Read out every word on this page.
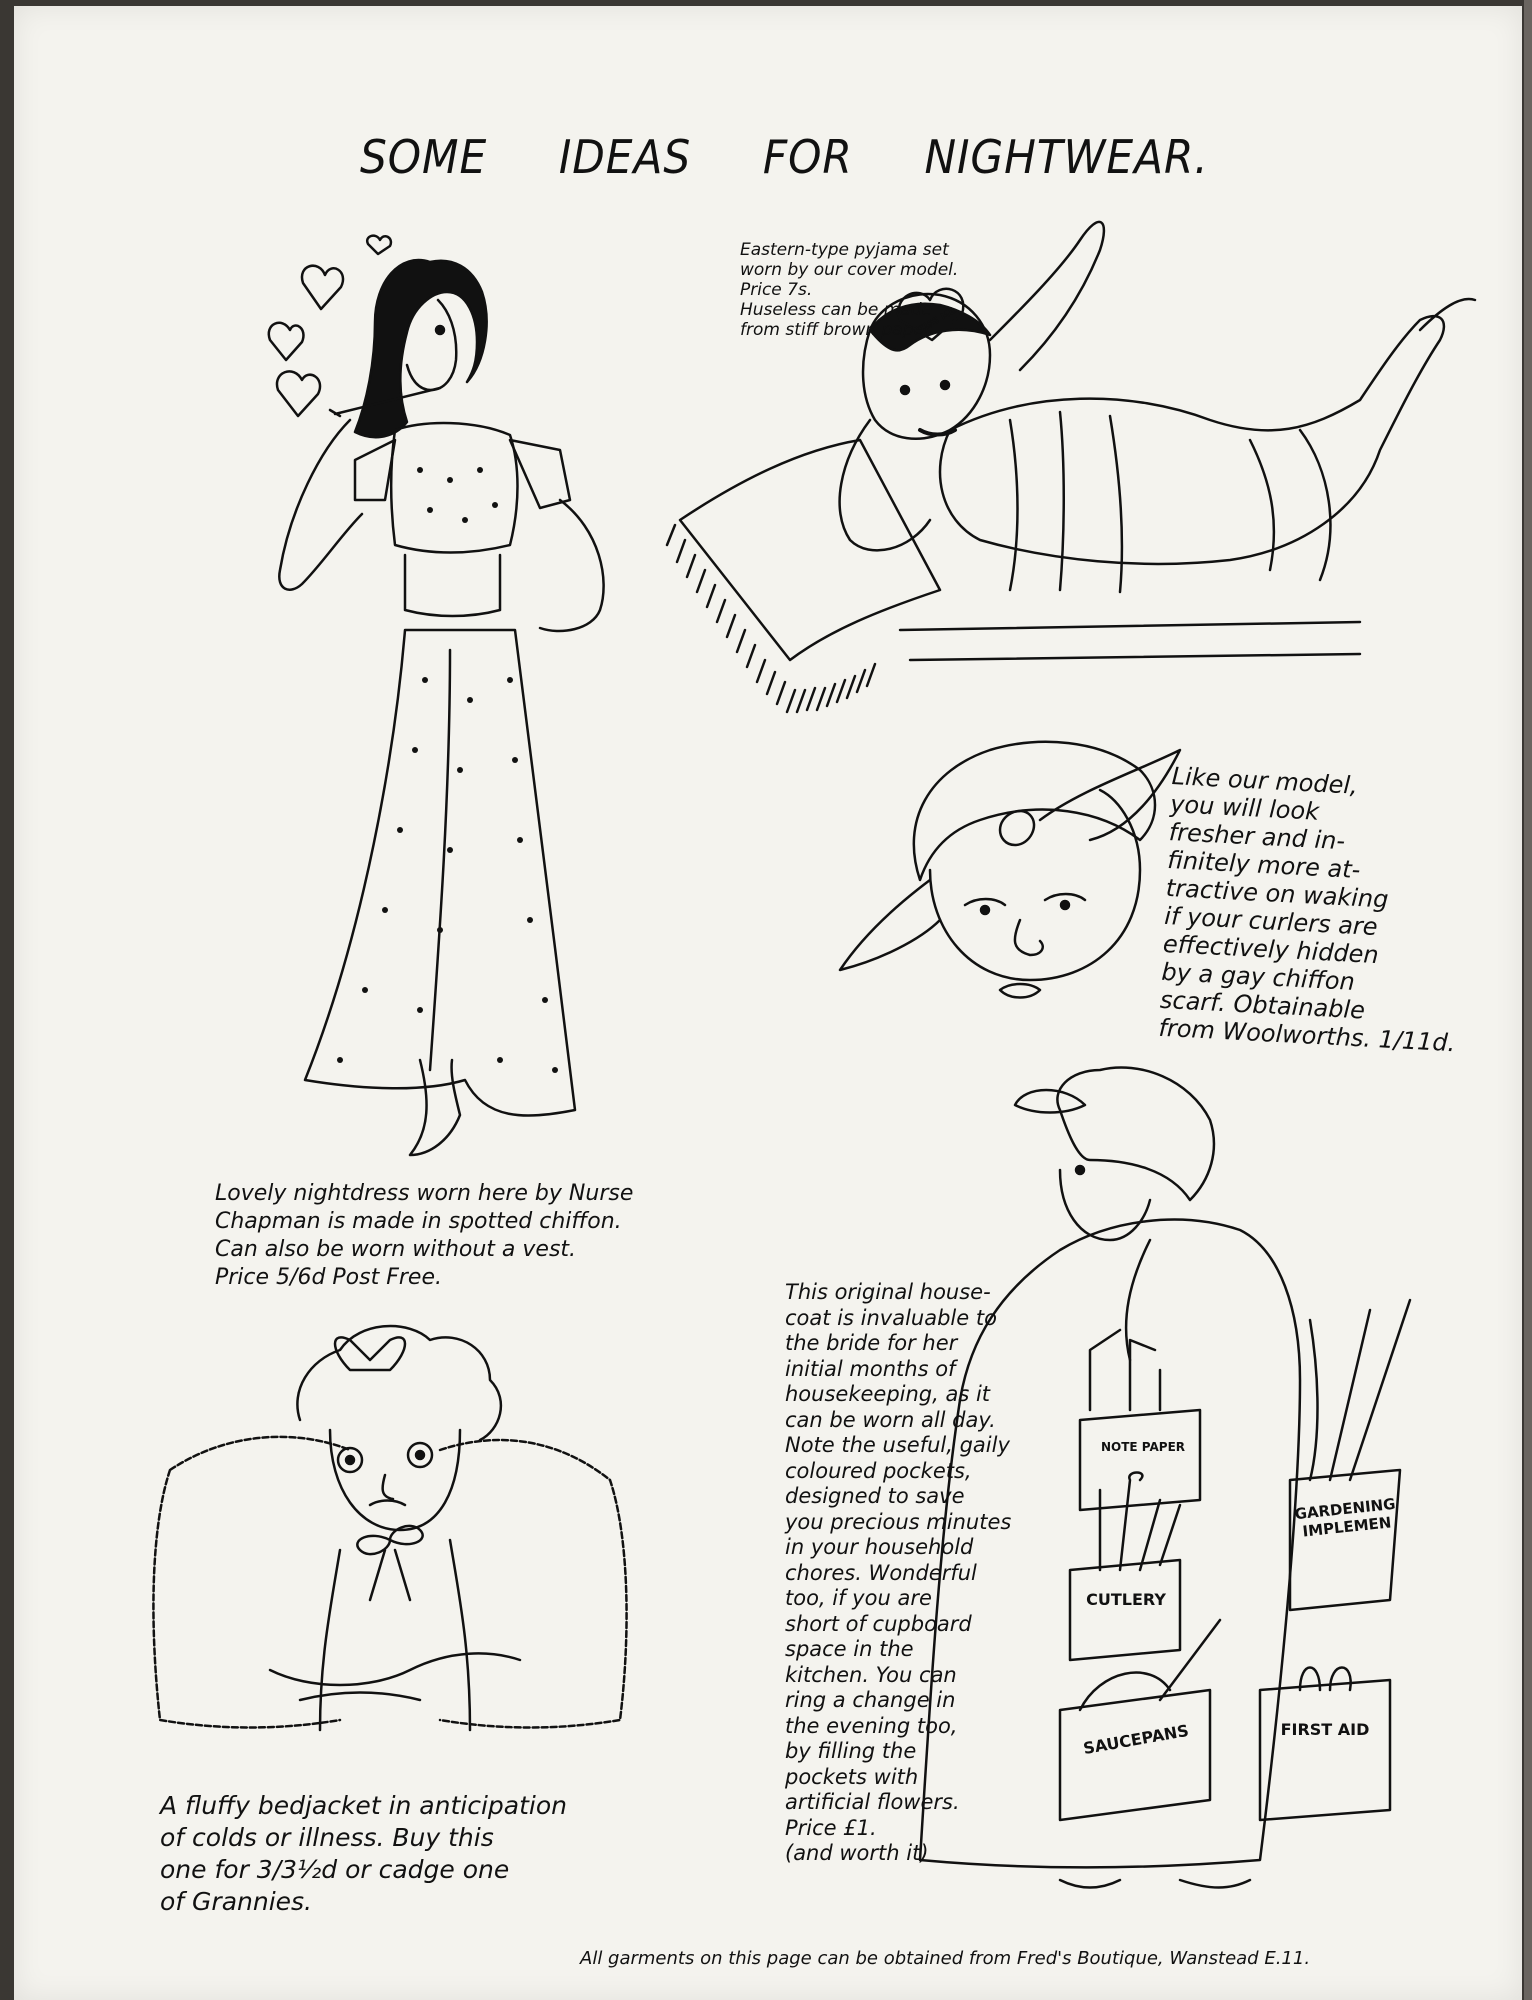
SOME IDEAS FOR NIGHTWEAR.
KISS ME
NOTE PAPER
CUTLERY
GARDENING IMPLEMEN
SAUCEPANS	FIRST AID
Eastern-type pyjama set worn by our cover model.
Price 7s.
Huseless can be made from stiff brown paper.
Like our model,
you will look
fresher and in-
finitely more at-
tractive on waking
if your curlers are
effectively hidden
by a gay chiffon
scarf. Obtainable
from Woolworths. 1/11d.
Lovely nightdress worn here by Nurse
Chapman is made in spotted chiffon.
Can also be worn without a vest.
Price 5/6d Post Free.
This original house-
coat is invaluable to
the bride for her
initial months of
housekeeping, as it
can be worn all day.
Note the useful, gaily
coloured pockets,
designed to save
you precious minutes
in your household
chores. Wonderful
too, if you are
short of cupboard
space in the
kitchen. You can
ring a change in
the evening too,
by filling the
pockets with
artificial flowers.
Price £1.
(and worth it)
A fluffy bedjacket in anticipation
of colds or illness. Buy this
one for 3/3½d or cadge one
of Grannies.
All garments on this page can be obtained from Fred's Boutique, Wanstead E.11.
